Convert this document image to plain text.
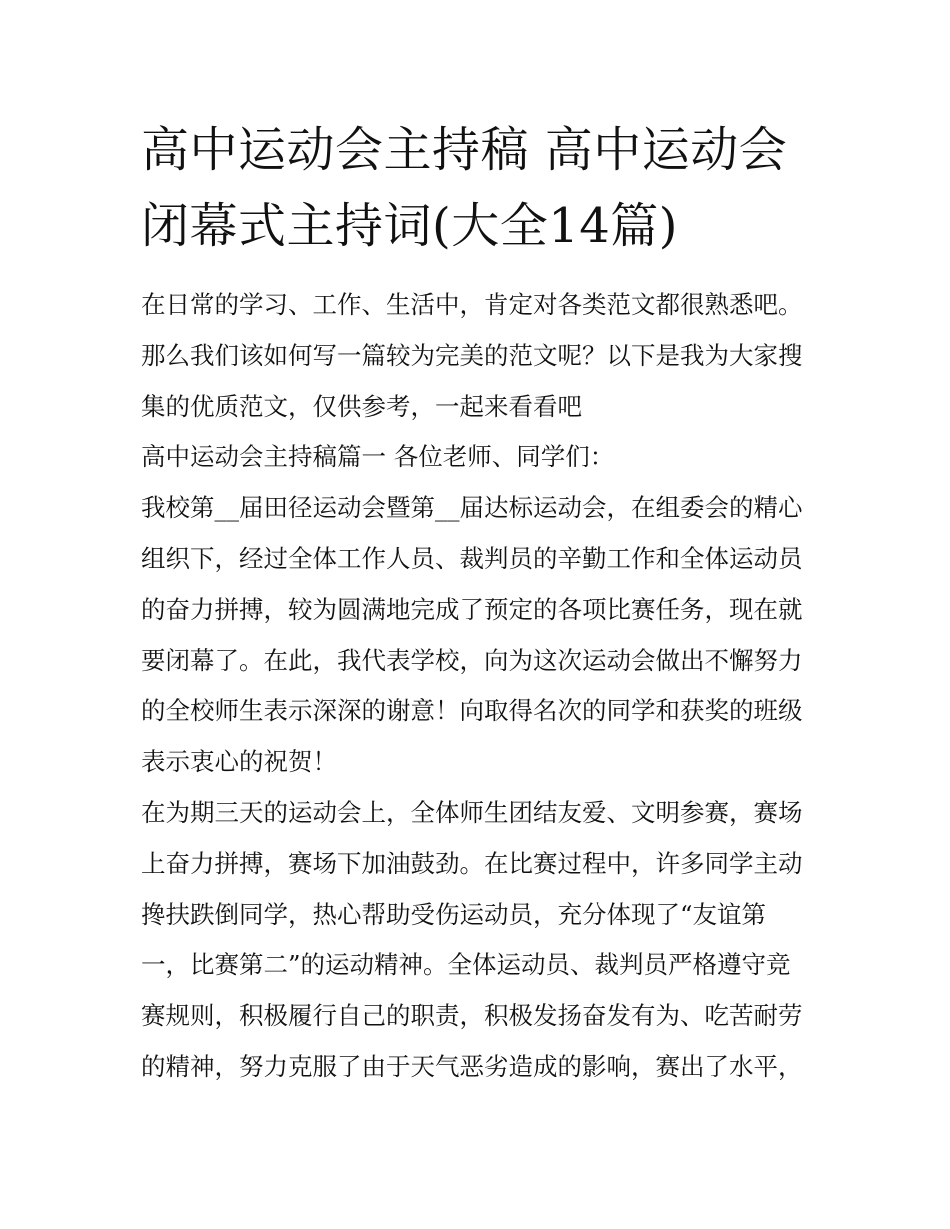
高中运动会主持稿 高中运动会闭幕式主持词(大全14篇)

在日常的学习、工作、生活中，肯定对各类范文都很熟悉吧。那么我们该如何写一篇较为完美的范文呢？以下是我为大家搜集的优质范文，仅供参考，一起来看看吧

高中运动会主持稿篇一 各位老师、同学们：

我校第__届田径运动会暨第__届达标运动会，在组委会的精心组织下，经过全体工作人员、裁判员的辛勤工作和全体运动员的奋力拼搏，较为圆满地完成了预定的各项比赛任务，现在就要闭幕了。在此，我代表学校，向为这次运动会做出不懈努力的全校师生表示深深的谢意！向取得名次的同学和获奖的班级表示衷心的祝贺！

在为期三天的运动会上，全体师生团结友爱、文明参赛，赛场上奋力拼搏，赛场下加油鼓劲。在比赛过程中，许多同学主动搀扶跌倒同学，热心帮助受伤运动员，充分体现了“友谊第一，比赛第二”的运动精神。全体运动员、裁判员严格遵守竞赛规则，积极履行自己的职责，积极发扬奋发有为、吃苦耐劳的精神，努力克服了由于天气恶劣造成的影响，赛出了水平，
